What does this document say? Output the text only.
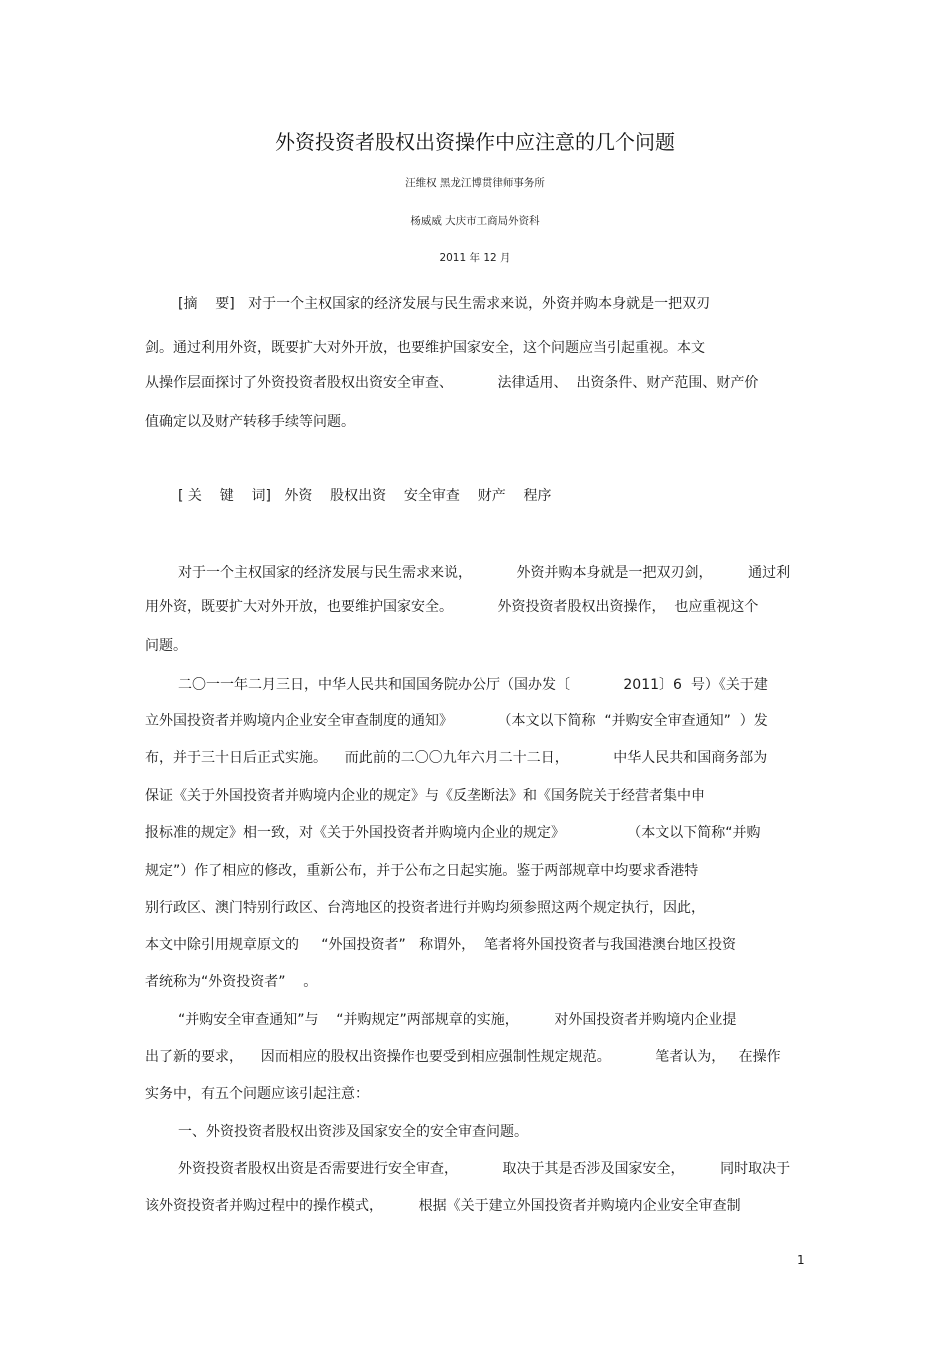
外资投资者股权出资操作中应注意的几个问题
汪维权 黑龙江博贯律师事务所
杨威威 大庆市工商局外资科
2011 年 12 月
[摘    要]   对于一个主权国家的经济发展与民生需求来说，外资并购本身就是一把双刃
剑。通过利用外资，既要扩大对外开放，也要维护国家安全，这个问题应当引起重视。本文
从操作层面探讨了外资投资者股权出资安全审查、          法律适用、  出资条件、财产范围、财产价
值确定以及财产转移手续等问题。
[ 关    键    词]   外资    股权出资    安全审查    财产    程序
对于一个主权国家的经济发展与民生需求来说，          外资并购本身就是一把双刃剑，        通过利
用外资，既要扩大对外开放，也要维护国家安全。          外资投资者股权出资操作，  也应重视这个
问题。
二〇一一年二月三日，中华人民共和国国务院办公厅（国办发〔            2011〕6  号）《关于建
立外国投资者并购境内企业安全审查制度的通知》          （本文以下简称  “并购安全审查通知”  ）发
布，并于三十日后正式实施。    而此前的二〇〇九年六月二十二日，          中华人民共和国商务部为
保证《关于外国投资者并购境内企业的规定》与《反垄断法》和《国务院关于经营者集中申
报标准的规定》相一致，对《关于外国投资者并购境内企业的规定》              （本文以下简称“并购
规定”）作了相应的修改，重新公布，并于公布之日起实施。鉴于两部规章中均要求香港特
别行政区、澳门特别行政区、台湾地区的投资者进行并购均须参照这两个规定执行，因此，
本文中除引用规章原文的     “外国投资者”   称谓外，  笔者将外国投资者与我国港澳台地区投资
者统称为“外资投资者”    。
“并购安全审查通知”与    “并购规定”两部规章的实施，        对外国投资者并购境内企业提
出了新的要求，    因而相应的股权出资操作也要受到相应强制性规定规范。          笔者认为，   在操作
实务中，有五个问题应该引起注意：
一、外资投资者股权出资涉及国家安全的安全审查问题。
外资投资者股权出资是否需要进行安全审查，          取决于其是否涉及国家安全，        同时取决于
该外资投资者并购过程中的操作模式，        根据《关于建立外国投资者并购境内企业安全审查制
1
